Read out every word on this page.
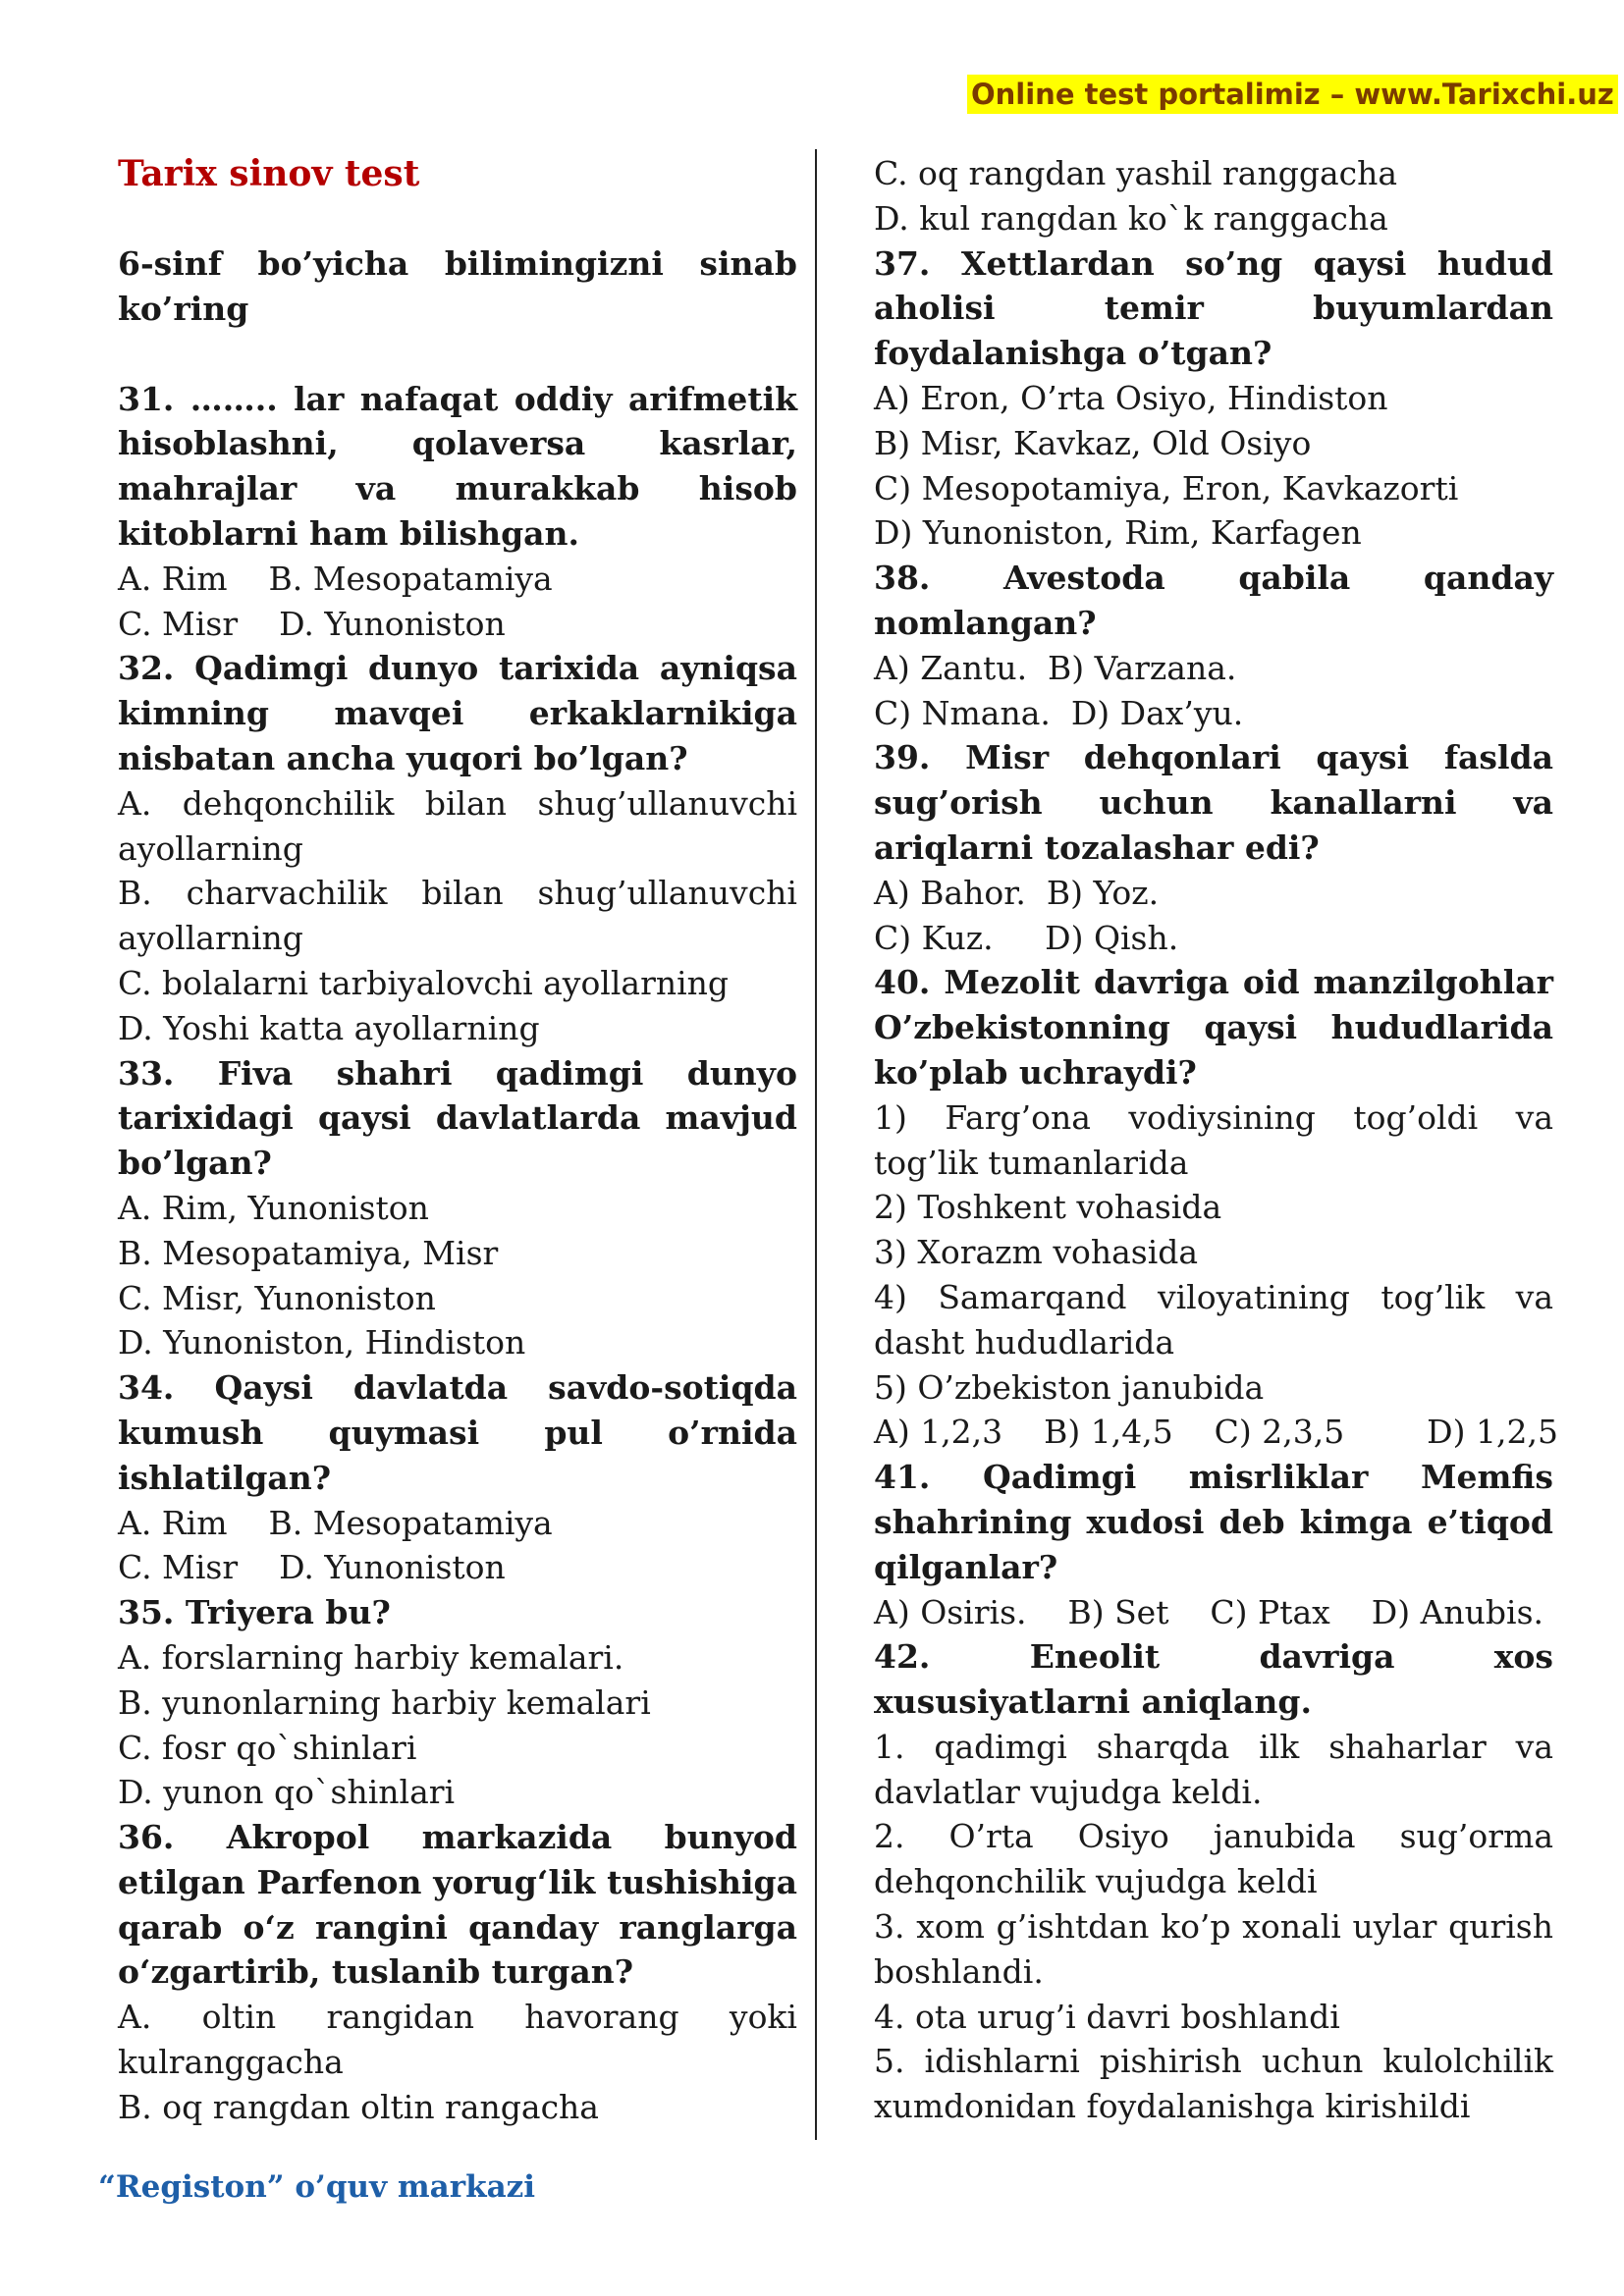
Online test portalimiz – www.Tarixchi.uz
Tarix sinov test
6-sinf bo’yicha bilimingizni sinab ko’ring
31. …….. lar nafaqat oddiy arifmetik hisoblashni, qolaversa kasrlar, mahrajlar va murakkab hisob kitoblarni ham bilishgan.
A. Rim B. Mesopatamiya
C. Misr D. Yunoniston
32. Qadimgi dunyo tarixida ayniqsa kimning mavqei erkaklarnikiga nisbatan ancha yuqori bo’lgan?
A. dehqonchilik bilan shug’ullanuvchi ayollarning
B. charvachilik bilan shug’ullanuvchi ayollarning
C. bolalarni tarbiyalovchi ayollarning
D. Yoshi katta ayollarning
33. Fiva shahri qadimgi dunyo tarixidagi qaysi davlatlarda mavjud bo’lgan?
A. Rim, Yunoniston
B. Mesopatamiya, Misr
C. Misr, Yunoniston
D. Yunoniston, Hindiston
34. Qaysi davlatda savdo-sotiqda kumush quymasi pul o’rnida ishlatilgan?
A. Rim B. Mesopatamiya
C. Misr D. Yunoniston
35. Triyera bu?
A. forslarning harbiy kemalari.
B. yunonlarning harbiy kemalari
C. fosr qo`shinlari
D. yunon qo`shinlari
36. Akropol markazida bunyod etilgan Parfenon yorug‘lik tushishiga qarab o‘z rangini qanday ranglarga o‘zgartirib, tuslanib turgan?
A. oltin rangidan havorang yoki kulranggacha
B. oq rangdan oltin rangacha
C. oq rangdan yashil ranggacha
D. kul rangdan ko`k ranggacha
37. Xettlardan so’ng qaysi hudud aholisi temir buyumlardan foydalanishga o’tgan?
A) Eron, O’rta Osiyo, Hindiston
B) Misr, Kavkaz, Old Osiyo
C) Mesopotamiya, Eron, Kavkazorti
D) Yunoniston, Rim, Karfagen
38. Avestoda qabila qanday nomlangan?
A) Zantu.  B) Varzana.
C) Nmana.  D) Dax’yu.
39. Misr dehqonlari qaysi faslda sug’orish uchun kanallarni va ariqlarni tozalashar edi?
A) Bahor.  B) Yoz.
C) Kuz.     D) Qish.
40. Mezolit davriga oid manzilgohlar O’zbekistonning qaysi hududlarida ko’plab uchraydi?
1) Farg’ona vodiysining tog’oldi va tog’lik tumanlarida
2) Toshkent vohasida
3) Xorazm vohasida
4) Samarqand viloyatining tog’lik va dasht hududlarida
5) O’zbekiston janubida
A) 1,2,3    B) 1,4,5    C) 2,3,5        D) 1,2,5
41. Qadimgi misrliklar Memfis shahrining xudosi deb kimga e’tiqod qilganlar?
A) Osiris.    B) Set    C) Ptax    D) Anubis.
42. Eneolit davriga xos xususiyatlarni aniqlang.
1. qadimgi sharqda ilk shaharlar va davlatlar vujudga keldi.
2. O’rta Osiyo janubida sug’orma dehqonchilik vujudga keldi
3. xom g’ishtdan ko’p xonali uylar qurish boshlandi.
4. ota urug’i davri boshlandi
5. idishlarni pishirish uchun kulolchilik xumdonidan foydalanishga kirishildi
“Registon” o’quv markazi
